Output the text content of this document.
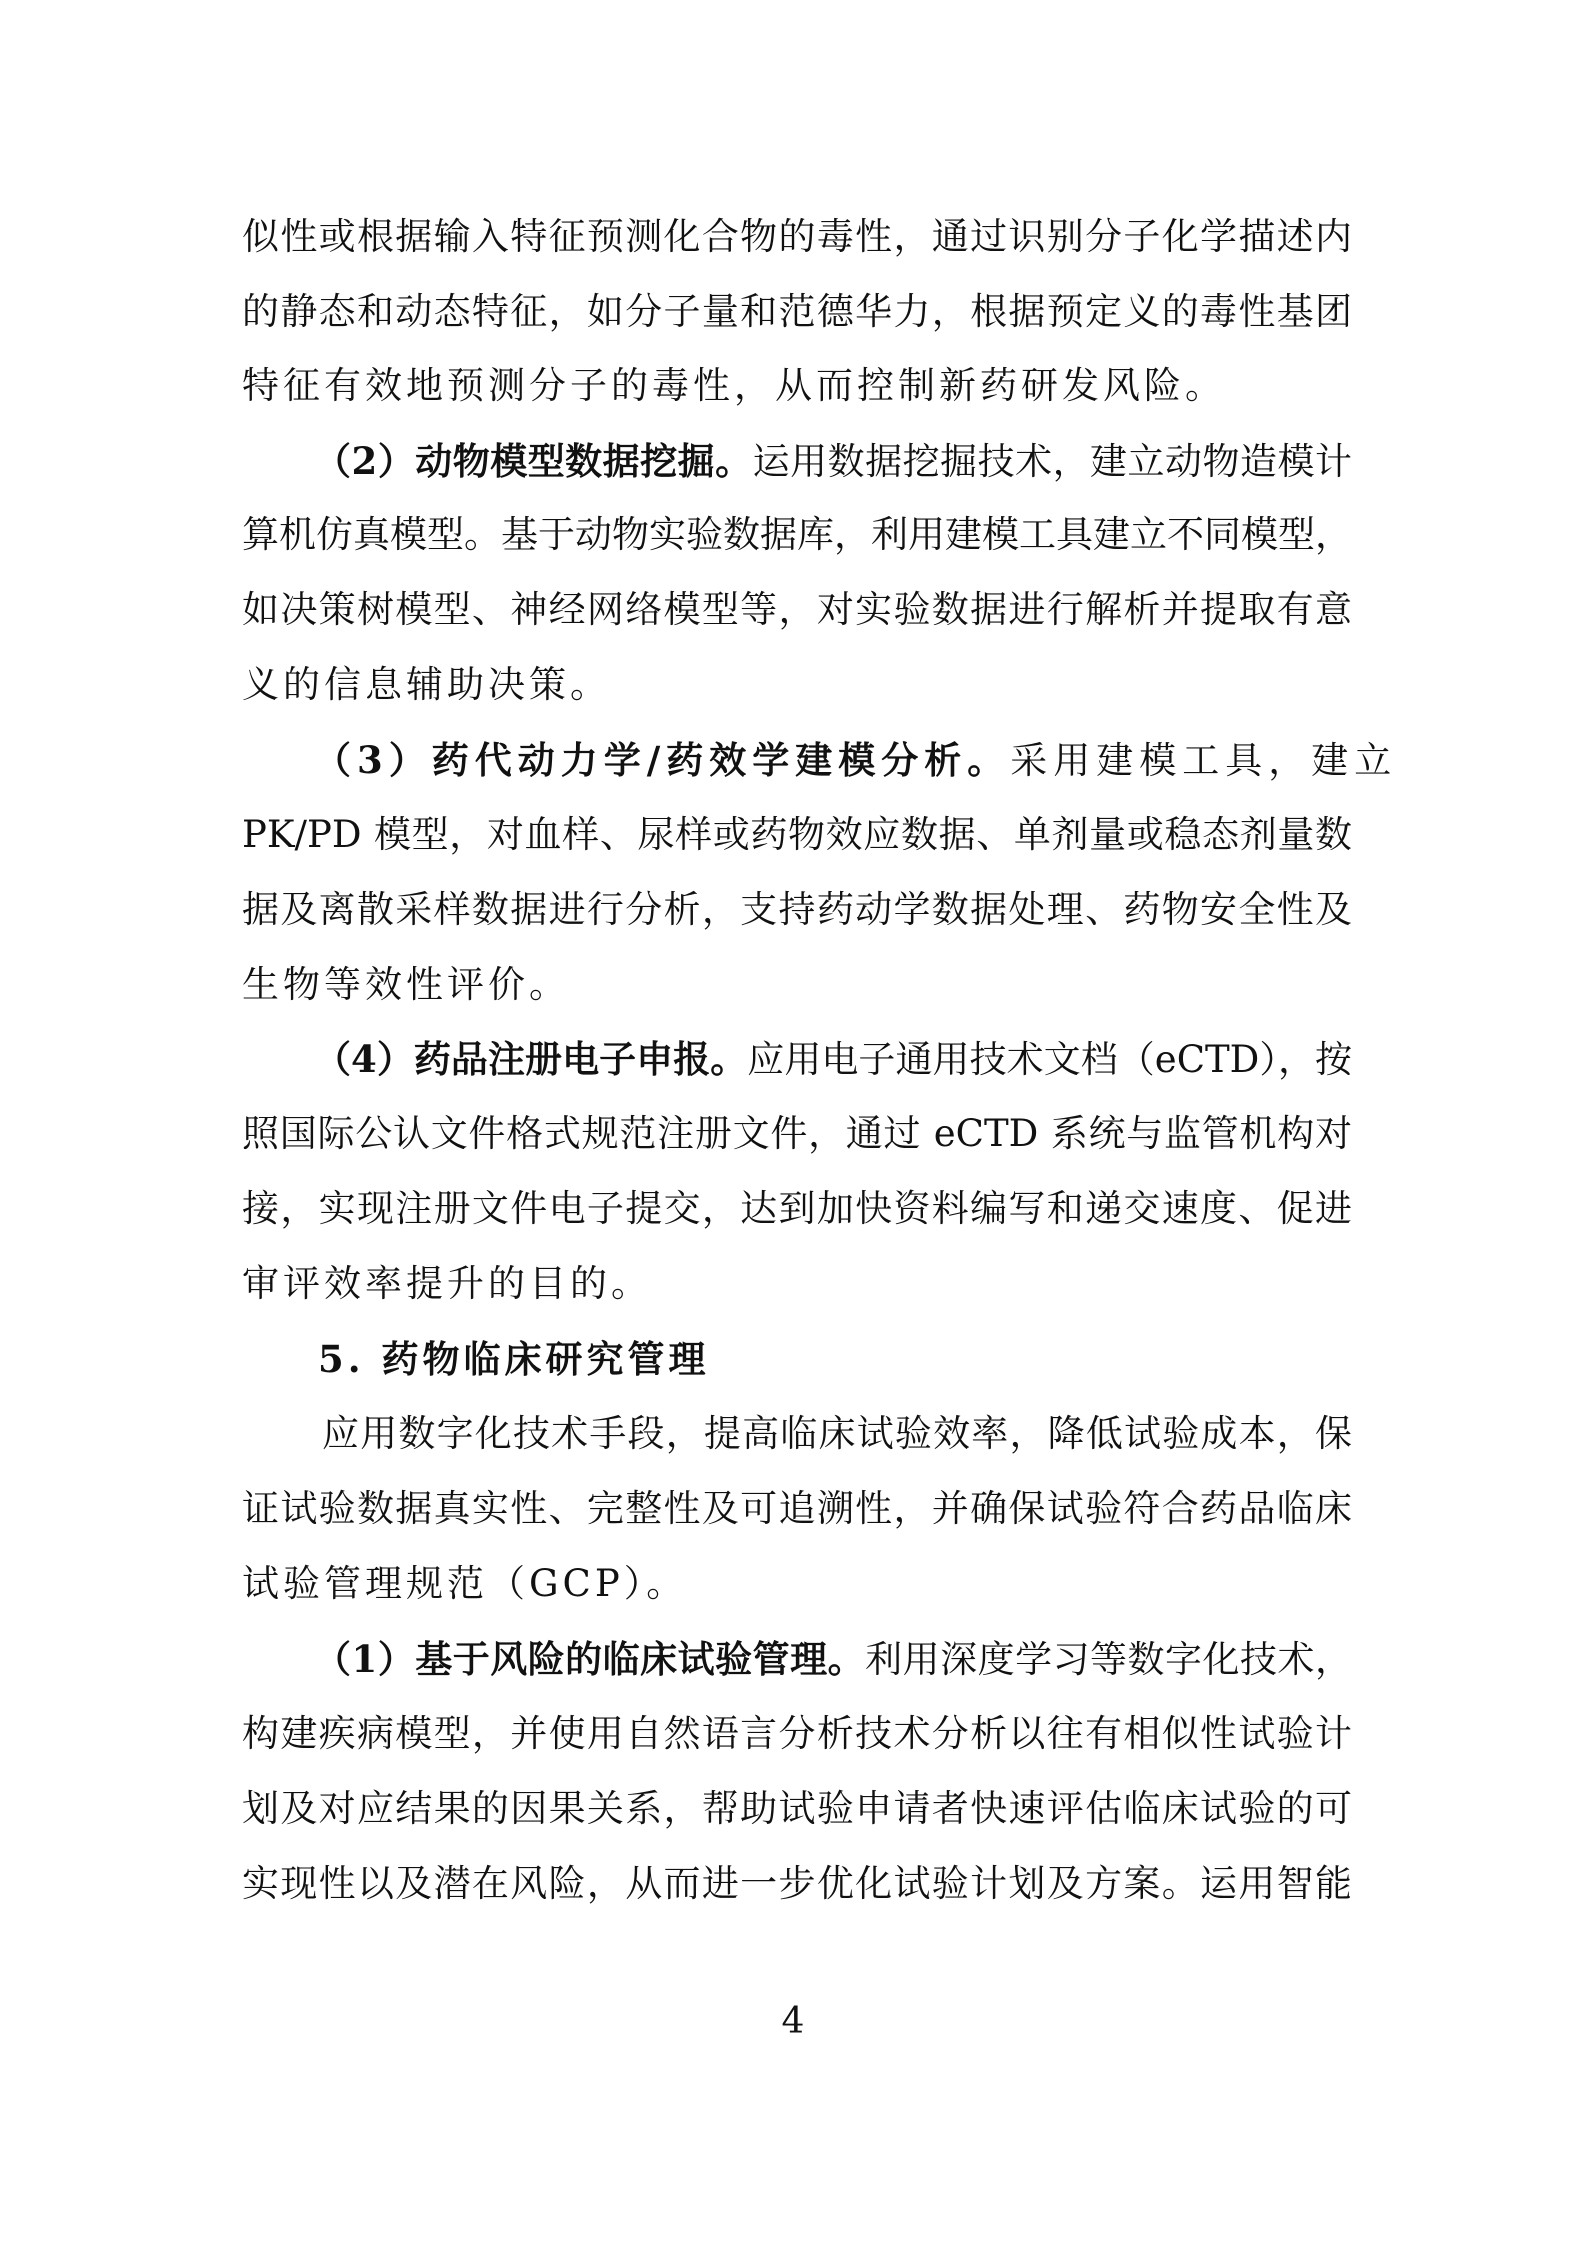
似性或根据输入特征预测化合物的毒性，通过识别分子化学描述内
的静态和动态特征，如分子量和范德华力，根据预定义的毒性基团
特征有效地预测分子的毒性，从而控制新药研发风险。
（2）动物模型数据挖掘。运用数据挖掘技术，建立动物造模计
算机仿真模型。基于动物实验数据库，利用建模工具建立不同模型，
如决策树模型、神经网络模型等，对实验数据进行解析并提取有意
义的信息辅助决策。
（3）药代动力学/药效学建模分析。采用建模工具，建立
PK/PD 模型，对血样、尿样或药物效应数据、单剂量或稳态剂量数
据及离散采样数据进行分析，支持药动学数据处理、药物安全性及
生物等效性评价。
（4）药品注册电子申报。应用电子通用技术文档（eCTD），按
照国际公认文件格式规范注册文件，通过 eCTD 系统与监管机构对
接，实现注册文件电子提交，达到加快资料编写和递交速度、促进
审评效率提升的目的。
5. 药物临床研究管理
应用数字化技术手段，提高临床试验效率，降低试验成本，保
证试验数据真实性、完整性及可追溯性，并确保试验符合药品临床
试验管理规范（GCP）。
（1）基于风险的临床试验管理。利用深度学习等数字化技术，
构建疾病模型，并使用自然语言分析技术分析以往有相似性试验计
划及对应结果的因果关系，帮助试验申请者快速评估临床试验的可
实现性以及潜在风险，从而进一步优化试验计划及方案。运用智能
4
